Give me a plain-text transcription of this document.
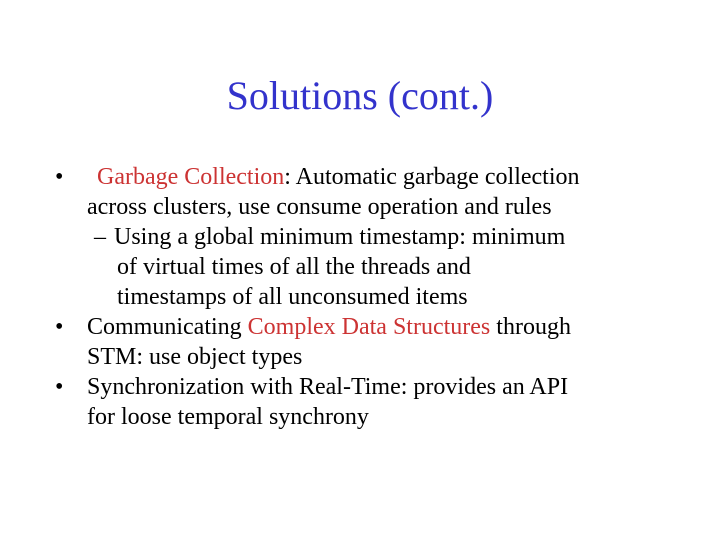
Solutions (cont.)
•	Garbage Collection: Automatic garbage collection
across clusters, use consume operation and rules
– Using a global minimum timestamp: minimum
of virtual times of all the threads and
timestamps of all unconsumed items
• Communicating Complex Data Structures through
STM: use object types
• Synchronization with Real-Time: provides an API
for loose temporal synchrony
